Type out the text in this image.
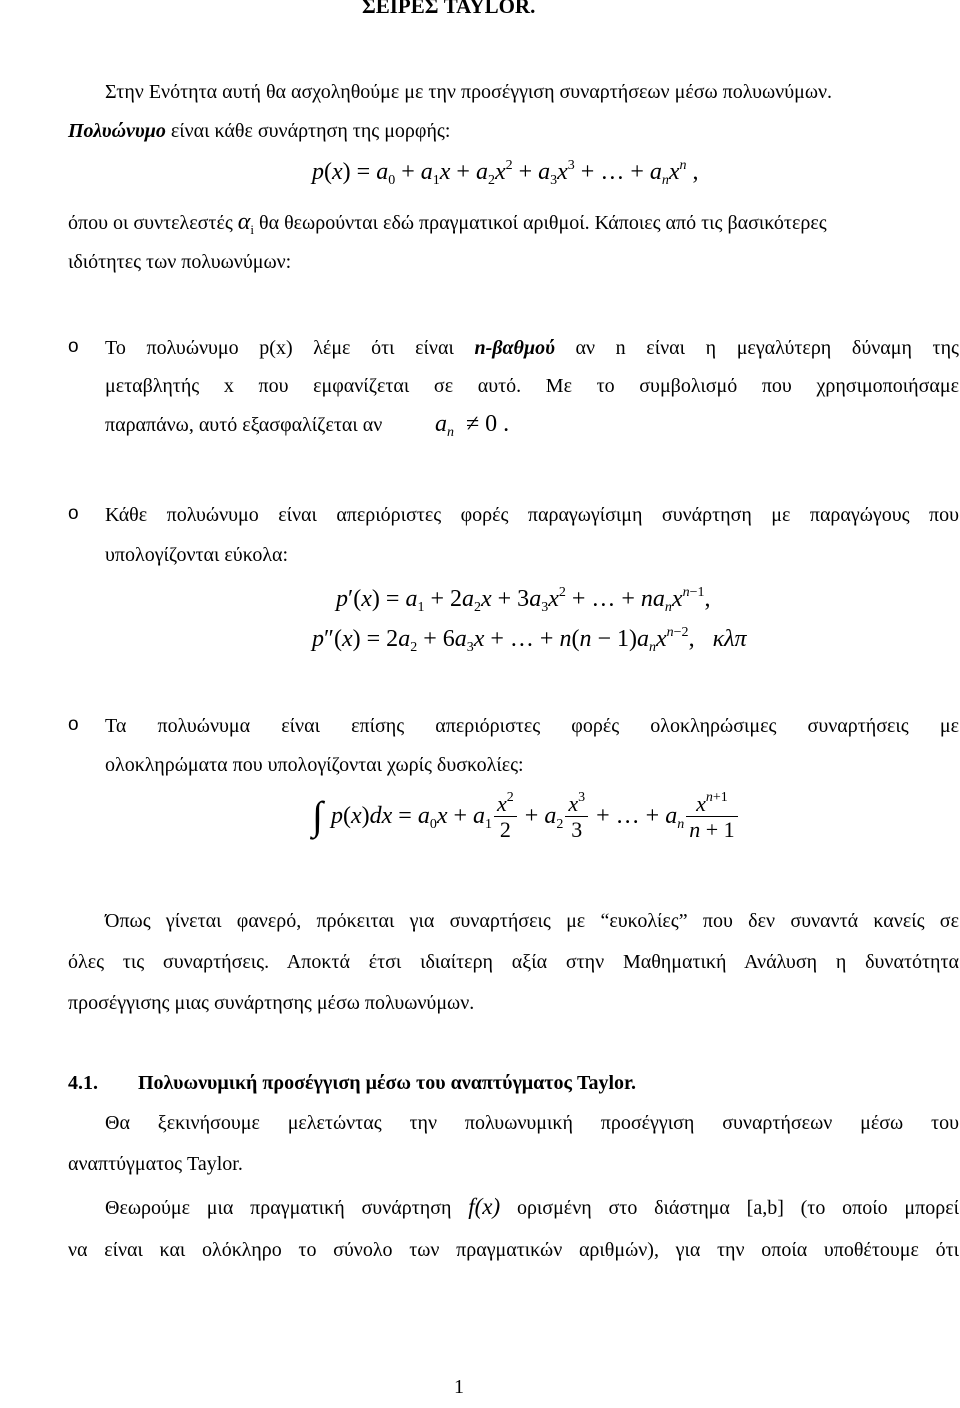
ΣΕΙΡΕΣ TAYLOR.
Στην Ενότητα αυτή θα ασχοληθούμε με την προσέγγιση συναρτήσεων μέσω πολυωνύμων.
Πολυώνυμο είναι κάθε συνάρτηση της μορφής:
$p(x) = a_0 + a_1x + a_2x^2 + a_3x^3$ + … + $a_nx^n$ ,
όπου οι συντελεστές $\alpha_i$ θα θεωρούνται εδώ πραγματικοί αριθμοί. Κάποιες από τις βασικότερες
ιδιότητες των πολυωνύμων:
o Το πολυώνυμο p(x) λέμε ότι είναι n-βαθμού αν n είναι η μεγαλύτερη δύναμη της
μεταβλητής x που εμφανίζεται σε αυτό. Με το συμβολισμό που χρησιμοποιήσαμε
παραπάνω, αυτό εξασφαλίζεται αν $a_n \ne 0$ .
o Κάθε πολυώνυμο είναι απεριόριστες φορές παραγωγίσιμη συνάρτηση με παραγώγους που
υπολογίζονται εύκολα:
$p'(x) = a_1 + 2a_2x + 3a_3x^2$ + … + $na_nx^{n-1}$,
$p''(x) = 2a_2 + 6a_3x$ + … + $n(n - 1)a_nx^{n-2}$,   κλπ
o Τα πολυώνυμα είναι επίσης απεριόριστες φορές ολοκληρώσιμες συναρτήσεις με
ολοκληρώματα που υπολογίζονται χωρίς δυσκολίες:
∫ $p(x)dx = a_0x + a_1 \frac{x^2}{2} + a_2 \frac{x^3}{3}$ + … + $a_n \frac{x^{n+1}}{n + 1}$
Όπως γίνεται φανερό, πρόκειται για συναρτήσεις με “ευκολίες” που δεν συναντά κανείς σε
όλες τις συναρτήσεις. Αποκτά έτσι ιδιαίτερη αξία στην Μαθηματική Ανάλυση η δυνατότητα
προσέγγισης μιας συνάρτησης μέσω πολυωνύμων.
4.1. Πολυωνυμική προσέγγιση μέσω του αναπτύγματος Taylor.
Θα ξεκινήσουμε μελετώντας την πολυωνυμική προσέγγιση συναρτήσεων μέσω του
αναπτύγματος Taylor.
Θεωρούμε μια πραγματική συνάρτηση f(x) ορισμένη στο διάστημα [a,b] (το οποίο μπορεί
να είναι και ολόκληρο το σύνολο των πραγματικών αριθμών), για την οποία υποθέτουμε ότι
1
